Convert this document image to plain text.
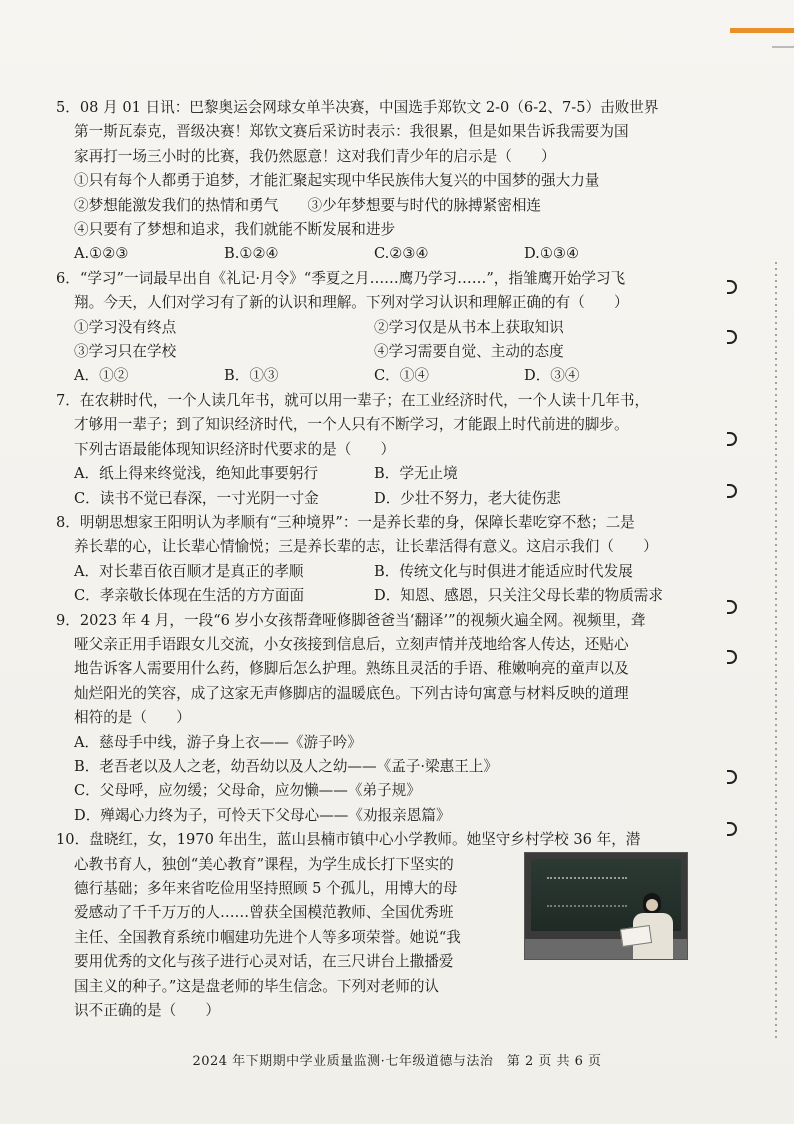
5．08 月 01 日讯：巴黎奥运会网球女单半决赛，中国选手郑钦文 2-0（6-2、7-5）击败世界
第一斯瓦泰克，晋级决赛！郑钦文赛后采访时表示：我很累，但是如果告诉我需要为国
家再打一场三小时的比赛，我仍然愿意！这对我们青少年的启示是（　　）
①只有每个人都勇于追梦，才能汇聚起实现中华民族伟大复兴的中国梦的强大力量
②梦想能激发我们的热情和勇气　　③少年梦想要与时代的脉搏紧密相连
④只要有了梦想和追求，我们就能不断发展和进步
A.①②③	B.①②④	C.②③④	D.①③④
6．“学习”一词最早出自《礼记·月令》“季夏之月……鹰乃学习……”，指雏鹰开始学习飞
翔。今天，人们对学习有了新的认识和理解。下列对学习认识和理解正确的有（　　）
①学习没有终点	②学习仅是从书本上获取知识
③学习只在学校	④学习需要自觉、主动的态度
A．①②	B．①③	C．①④	D．③④
7．在农耕时代，一个人读几年书，就可以用一辈子；在工业经济时代，一个人读十几年书，
才够用一辈子；到了知识经济时代，一个人只有不断学习，才能跟上时代前进的脚步。
下列古语最能体现知识经济时代要求的是（　　）
A．纸上得来终觉浅，绝知此事要躬行	B．学无止境
C．读书不觉已春深，一寸光阴一寸金	D．少壮不努力，老大徒伤悲
8．明朝思想家王阳明认为孝顺有“三种境界”：一是养长辈的身，保障长辈吃穿不愁；二是
养长辈的心，让长辈心情愉悦；三是养长辈的志，让长辈活得有意义。这启示我们（　　）
A．对长辈百依百顺才是真正的孝顺	B．传统文化与时俱进才能适应时代发展
C．孝亲敬长体现在生活的方方面面	D．知恩、感恩，只关注父母长辈的物质需求
9．2023 年 4 月，一段“6 岁小女孩帮聋哑修脚爸爸当‘翻译’”的视频火遍全网。视频里，聋
哑父亲正用手语跟女儿交流，小女孩接到信息后，立刻声情并茂地给客人传达，还贴心
地告诉客人需要用什么药，修脚后怎么护理。熟练且灵活的手语、稚嫩响亮的童声以及
灿烂阳光的笑容，成了这家无声修脚店的温暖底色。下列古诗句寓意与材料反映的道理
相符的是（　　）
A．慈母手中线，游子身上衣——《游子吟》
B．老吾老以及人之老，幼吾幼以及人之幼——《孟子·梁惠王上》
C．父母呼，应勿缓；父母命，应勿懒——《弟子规》
D．殚竭心力终为子，可怜天下父母心——《劝报亲恩篇》
10．盘晓红，女，1970 年出生，蓝山县楠市镇中心小学教师。她坚守乡村学校 36 年，潜
心教书育人，独创“美心教育”课程，为学生成长打下坚实的
德行基础；多年来省吃俭用坚持照顾 5 个孤儿，用博大的母
爱感动了千千万万的人……曾获全国模范教师、全国优秀班
主任、全国教育系统巾帼建功先进个人等多项荣誉。她说“我
要用优秀的文化与孩子进行心灵对话，在三尺讲台上撒播爱
国主义的种子。”这是盘老师的毕生信念。下列对老师的认
识不正确的是（　　）
2024 年下期期中学业质量监测·七年级道德与法治　第 2 页 共 6 页
